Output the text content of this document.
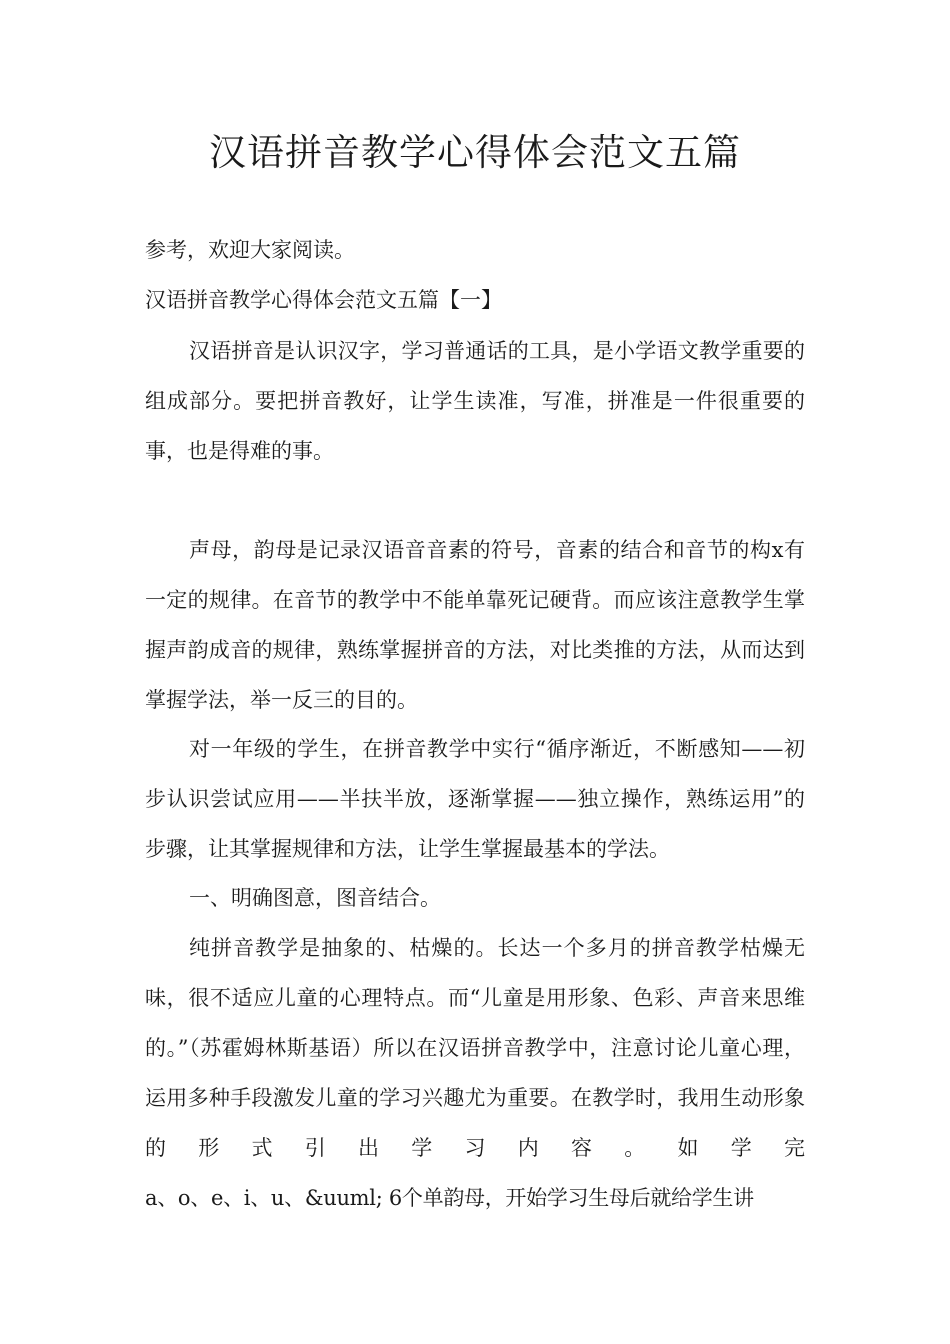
汉语拼音教学心得体会范文五篇

参考，欢迎大家阅读。

汉语拼音教学心得体会范文五篇【一】

汉语拼音是认识汉字，学习普通话的工具，是小学语文教学重要的组成部分。要把拼音教好，让学生读准，写准，拼准是一件很重要的事，也是得难的事。

声母，韵母是记录汉语音音素的符号，音素的结合和音节的构x有一定的规律。在音节的教学中不能单靠死记硬背。而应该注意教学生掌握声韵成音的规律，熟练掌握拼音的方法，对比类推的方法，从而达到掌握学法，举一反三的目的。

对一年级的学生，在拼音教学中实行“循序渐近，不断感知——初步认识尝试应用——半扶半放，逐渐掌握——独立操作，熟练运用”的步骤，让其掌握规律和方法，让学生掌握最基本的学法。

一、明确图意，图音结合。

纯拼音教学是抽象的、枯燥的。长达一个多月的拼音教学枯燥无味，很不适应儿童的心理特点。而“儿童是用形象、色彩、声音来思维的。”（苏霍姆林斯基语）所以在汉语拼音教学中，注意讨论儿童心理，运用多种手段激发儿童的学习兴趣尤为重要。在教学时，我用生动形象的形式引出学习内容。如学完

a、o、e、i、u、&uuml; 6个单韵母，开始学习生母后就给学生讲
